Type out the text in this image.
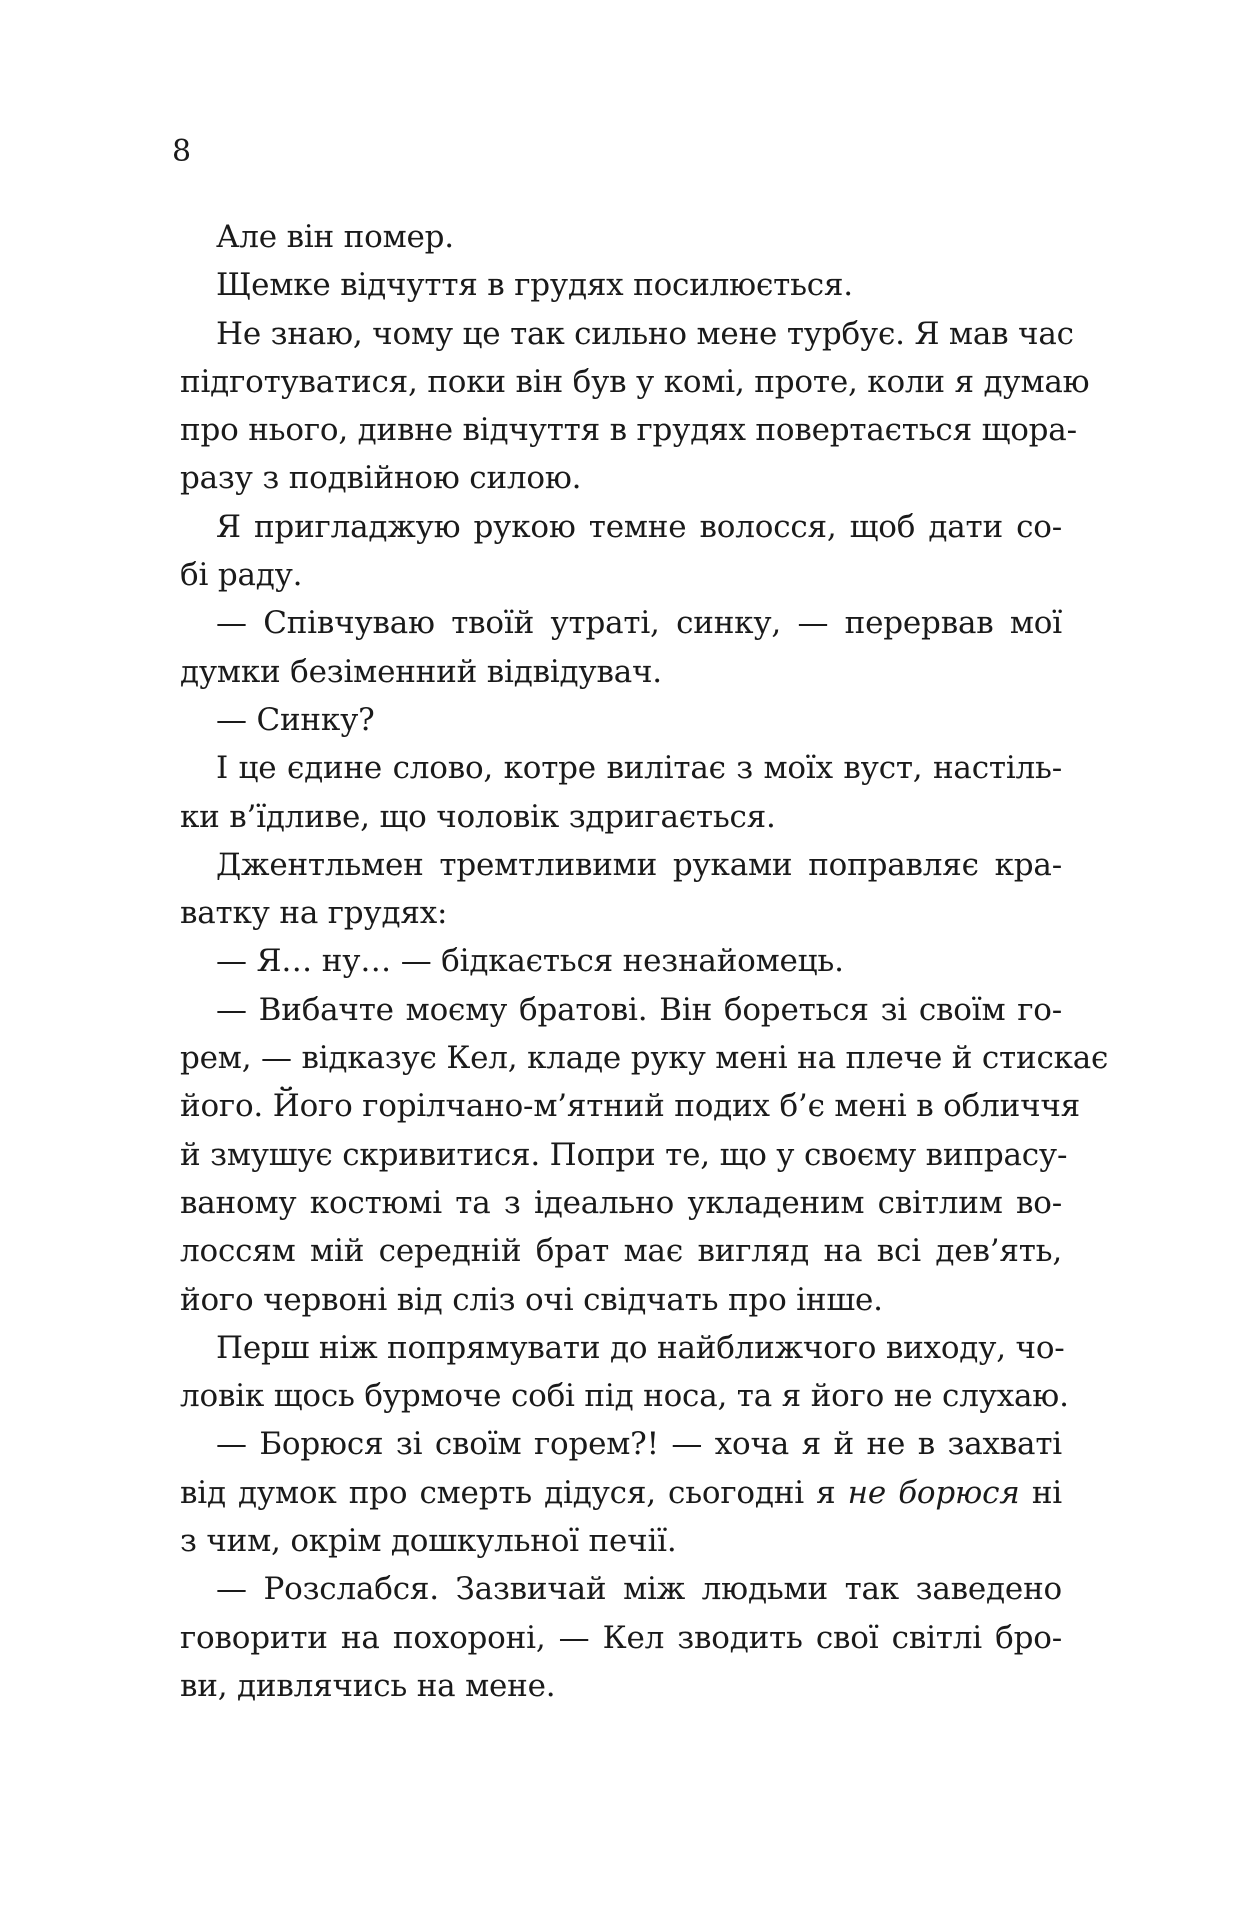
8
Але він помер.
Щемке відчуття в грудях посилюється.
Не знаю, чому це так сильно мене турбує. Я мав час
підготуватися, поки він був у комі, проте, коли я думаю
про нього, дивне відчуття в грудях повертається щора-
разу з подвійною силою.
Я пригладжую рукою темне волосся, щоб дати со-
бі раду.
— Співчуваю твоїй утраті, синку, — перервав мої
думки безіменний відвідувач.
— Синку?
І це єдине слово, котре вилітає з моїх вуст, настіль-
ки в’їдливе, що чоловік здригається.
Джентльмен тремтливими руками поправляє кра-
ватку на грудях:
— Я… ну… — бідкається незнайомець.
— Вибачте моєму братові. Він бореться зі своїм го-
рем, — відказує Кел, кладе руку мені на плече й стискає
його. Його горілчано-м’ятний подих б’є мені в обличчя
й змушує скривитися. Попри те, що у своєму випрасу-
ваному костюмі та з ідеально укладеним світлим во-
лоссям мій середній брат має вигляд на всі дев’ять,
його червоні від сліз очі свідчать про інше.
Перш ніж попрямувати до найближчого виходу, чо-
ловік щось бурмоче собі під носа, та я його не слухаю.
— Борюся зі своїм горем?! — хоча я й не в захваті
від думок про смерть дідуся, сьогодні я не борюся ні
з чим, окрім дошкульної печії.
— Розслабся. Зазвичай між людьми так заведено
говорити на похороні, — Кел зводить свої світлі бро-
ви, дивлячись на мене.
